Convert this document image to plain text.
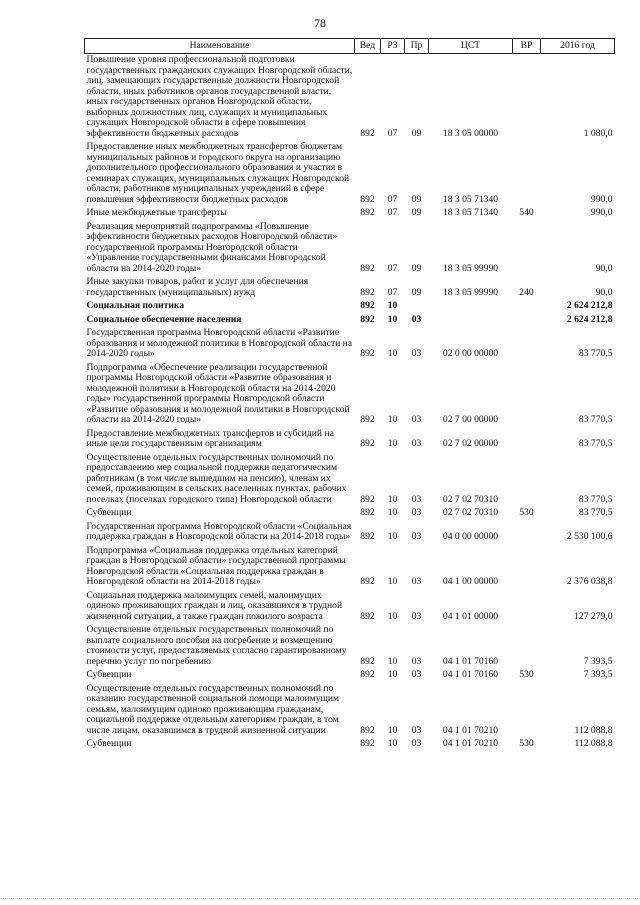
78
Наименование	Вед	РЗ	Пр	ЦСТ	ВР	2016 год
Повышение уровня профессиональной подготовки государственных гражданских служащих Новгородской области, лиц, замещающих государственные должности Новгородской области, иных работников органов государственной власти, иных государственных органов Новгородской области, выборных должностных лиц, служащих и муниципальных служащих Новгородской области в сфере повышения эффективности бюджетных расходов	892	07	09	18 3 05 00000		1 080,0
Предоставление иных межбюджетных трансфертов бюджетам муниципальных районов и городского округа на организацию дополнительного профессионального образования и участия в семинарах служащих, муниципальных служащих Новгородской области, работников муниципальных учреждений в сфере повышения эффективности бюджетных расходов	892	07	09	18 3 05 71340		990,0
Иные межбюджетные трансферты	892	07	09	18 3 05 71340	540	990,0
Реализация мероприятий подпрограммы «Повышение эффективности бюджетных расходов Новгородской области» государственной программы Новгородской области «Управление государственными финансами Новгородской области на 2014-2020 годы»	892	07	09	18 3 05 99990		90,0
Иные закупки товаров, работ и услуг для обеспечения государственных (муниципальных) нужд	892	07	09	18 3 05 99990	240	90,0
Социальная политика	892	10				2 624 212,8
Социальное обеспечение населения	892	10	03			2 624 212,8
Государственная программа Новгородской области «Развитие образования и молодежной политики в Новгородской области на 2014-2020 годы»	892	10	03	02 0 00 00000		83 770,5
Подпрограмма «Обеспечение реализации государственной программы Новгородской области «Развитие образования и молодежной политики в Новгородской области на 2014-2020 годы» государственной программы Новгородской области «Развитие образования и молодежной политики в Новгородской области на 2014-2020 годы»	892	10	03	02 7 00 00000		83 770,5
Предоставление межбюджетных трансфертов и субсидий на иные цели государственным организациям	892	10	03	02 7 02 00000		83 770,5
Осуществление отдельных государственных полномочий по предоставлению мер социальной поддержки педагогическим работникам (в том числе вышедшим на пенсию), членам их семей, проживающим в сельских населенных пунктах, рабочих поселках (поселках городского типа) Новгородской области	892	10	03	02 7 02 70310		83 770,5
Субвенции	892	10	03	02 7 02 70310	530	83 770,5
Государственная программа Новгородской области «Социальная поддержка граждан в Новгородской области на 2014-2018 годы»	892	10	03	04 0 00 00000		2 530 100,6
Подпрограмма «Социальная поддержка отдельных категорий граждан в Новгородской области» государственной программы Новгородской области «Социальная поддержка граждан в Новгородской области на 2014-2018 годы»	892	10	03	04 1 00 00000		2 376 038,8
Социальная поддержка малоимущих семей, малоимущих одиноко проживающих граждан и лиц, оказавшихся в трудной жизненной ситуации, а также граждан пожилого возраста	892	10	03	04 1 01 00000		127 279,0
Осуществление отдельных государственных полномочий по выплате социального пособия на погребение и возмещению стоимости услуг, предоставляемых согласно гарантированному перечню услуг по погребению	892	10	03	04 1 01 70160		7 393,5
Субвенции	892	10	03	04 1 01 70160	530	7 393,5
Осуществление отдельных государственных полномочий по оказанию государственной социальной помощи малоимущим семьям, малоимущим одиноко проживающим гражданам, социальной поддержке отдельным категориям граждан, в том числе лицам, оказавшимся в трудной жизненной ситуации	892	10	03	04 1 01 70210		112 088,8
Субвенции	892	10	03	04 1 01 70210	530	112 088,8
